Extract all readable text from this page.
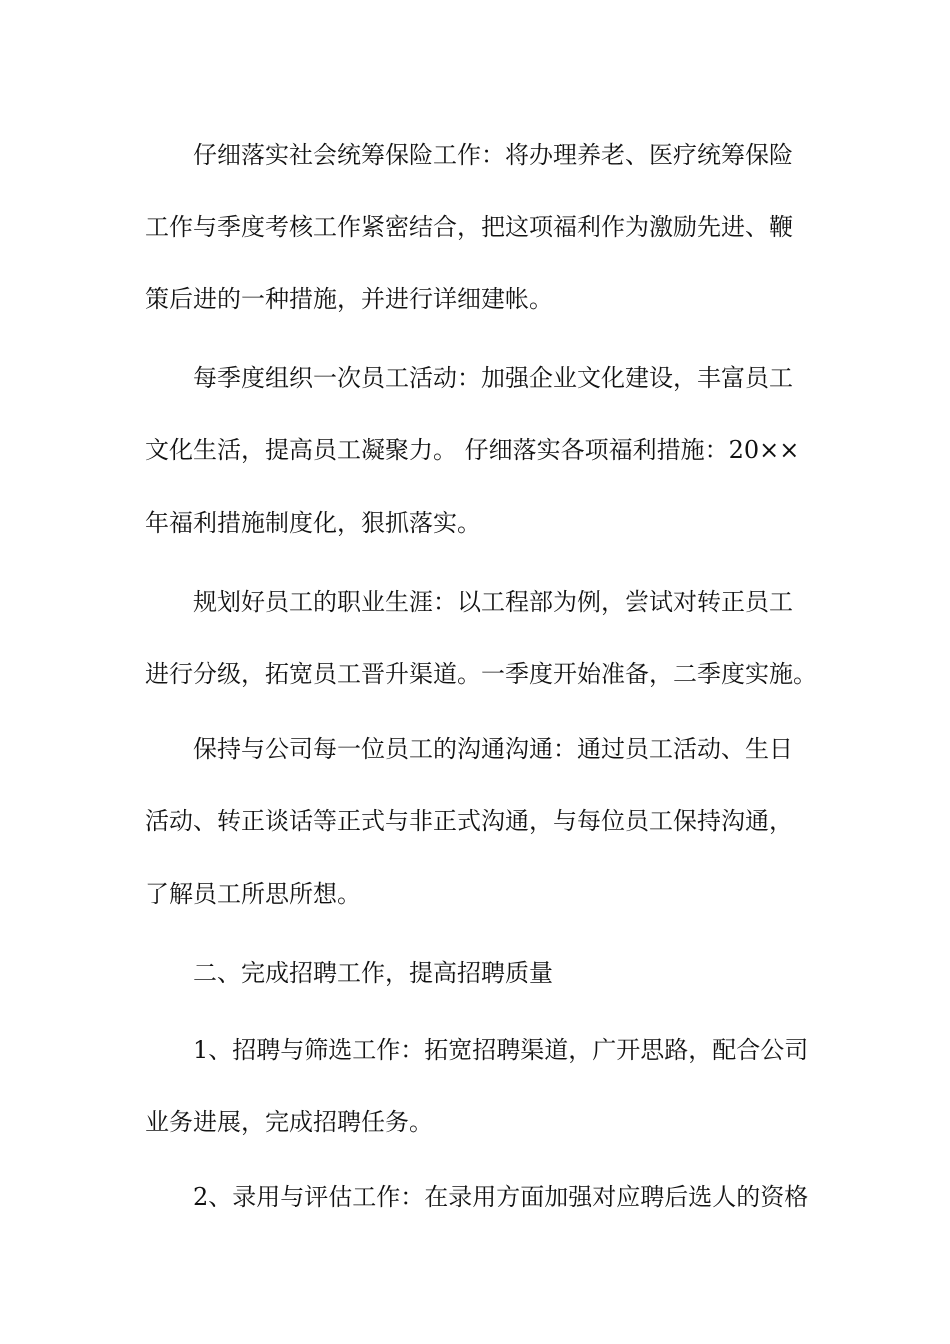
仔细落实社会统筹保险工作：将办理养老、医疗统筹保险
工作与季度考核工作紧密结合，把这项福利作为激励先进、鞭
策后进的一种措施，并进行详细建帐。
每季度组织一次员工活动：加强企业文化建设，丰富员工
文化生活，提高员工凝聚力。 仔细落实各项福利措施：20××
年福利措施制度化，狠抓落实。
规划好员工的职业生涯：以工程部为例，尝试对转正员工
进行分级，拓宽员工晋升渠道。一季度开始准备，二季度实施。
保持与公司每一位员工的沟通沟通：通过员工活动、生日
活动、转正谈话等正式与非正式沟通，与每位员工保持沟通，
了解员工所思所想。
二、完成招聘工作，提高招聘质量
1、招聘与筛选工作：拓宽招聘渠道，广开思路，配合公司
业务进展，完成招聘任务。
2、录用与评估工作：在录用方面加强对应聘后选人的资格
